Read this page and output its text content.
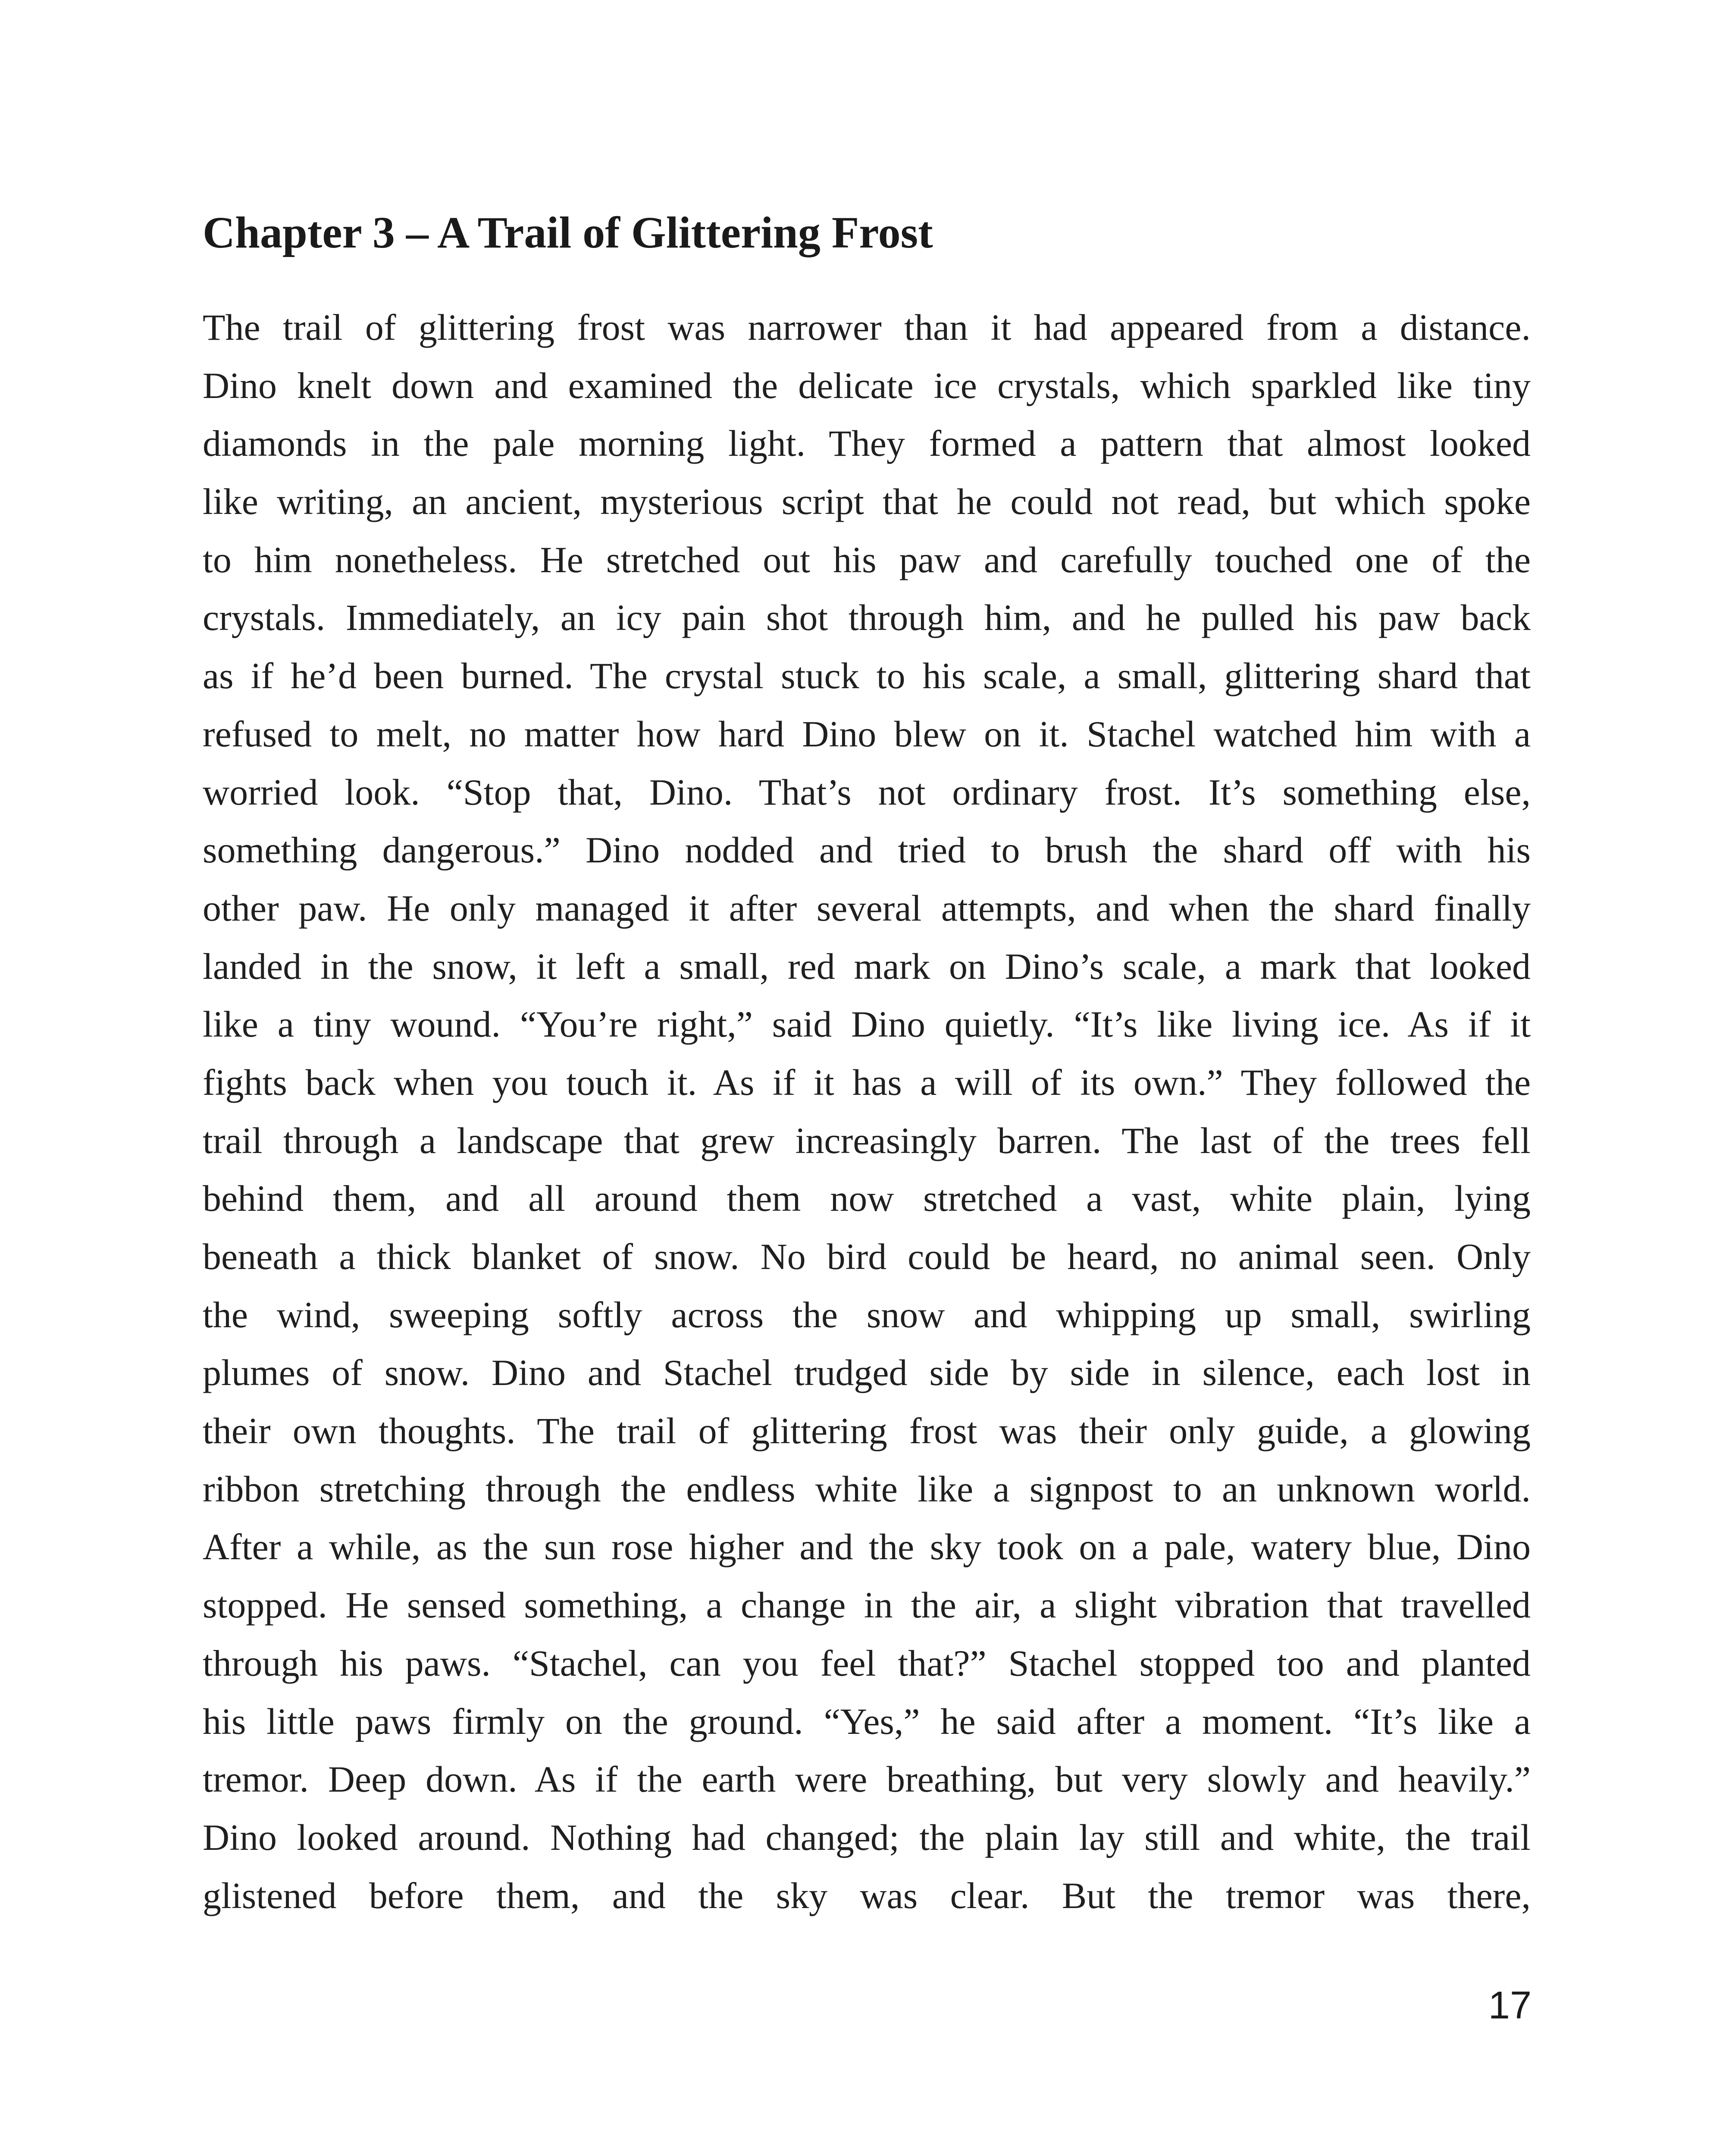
Chapter 3 – A Trail of Glittering Frost
The trail of glittering frost was narrower than it had appeared from a distance.
Dino knelt down and examined the delicate ice crystals, which sparkled like tiny
diamonds in the pale morning light. They formed a pattern that almost looked
like writing, an ancient, mysterious script that he could not read, but which spoke
to him nonetheless. He stretched out his paw and carefully touched one of the
crystals. Immediately, an icy pain shot through him, and he pulled his paw back
as if he’d been burned. The crystal stuck to his scale, a small, glittering shard that
refused to melt, no matter how hard Dino blew on it. Stachel watched him with a
worried look. “Stop that, Dino. That’s not ordinary frost. It’s something else,
something dangerous.” Dino nodded and tried to brush the shard off with his
other paw. He only managed it after several attempts, and when the shard finally
landed in the snow, it left a small, red mark on Dino’s scale, a mark that looked
like a tiny wound. “You’re right,” said Dino quietly. “It’s like living ice. As if it
fights back when you touch it. As if it has a will of its own.” They followed the
trail through a landscape that grew increasingly barren. The last of the trees fell
behind them, and all around them now stretched a vast, white plain, lying
beneath a thick blanket of snow. No bird could be heard, no animal seen. Only
the wind, sweeping softly across the snow and whipping up small, swirling
plumes of snow. Dino and Stachel trudged side by side in silence, each lost in
their own thoughts. The trail of glittering frost was their only guide, a glowing
ribbon stretching through the endless white like a signpost to an unknown world.
After a while, as the sun rose higher and the sky took on a pale, watery blue, Dino
stopped. He sensed something, a change in the air, a slight vibration that travelled
through his paws. “Stachel, can you feel that?” Stachel stopped too and planted
his little paws firmly on the ground. “Yes,” he said after a moment. “It’s like a
tremor. Deep down. As if the earth were breathing, but very slowly and heavily.”
Dino looked around. Nothing had changed; the plain lay still and white, the trail
glistened before them, and the sky was clear. But the tremor was there,

17
